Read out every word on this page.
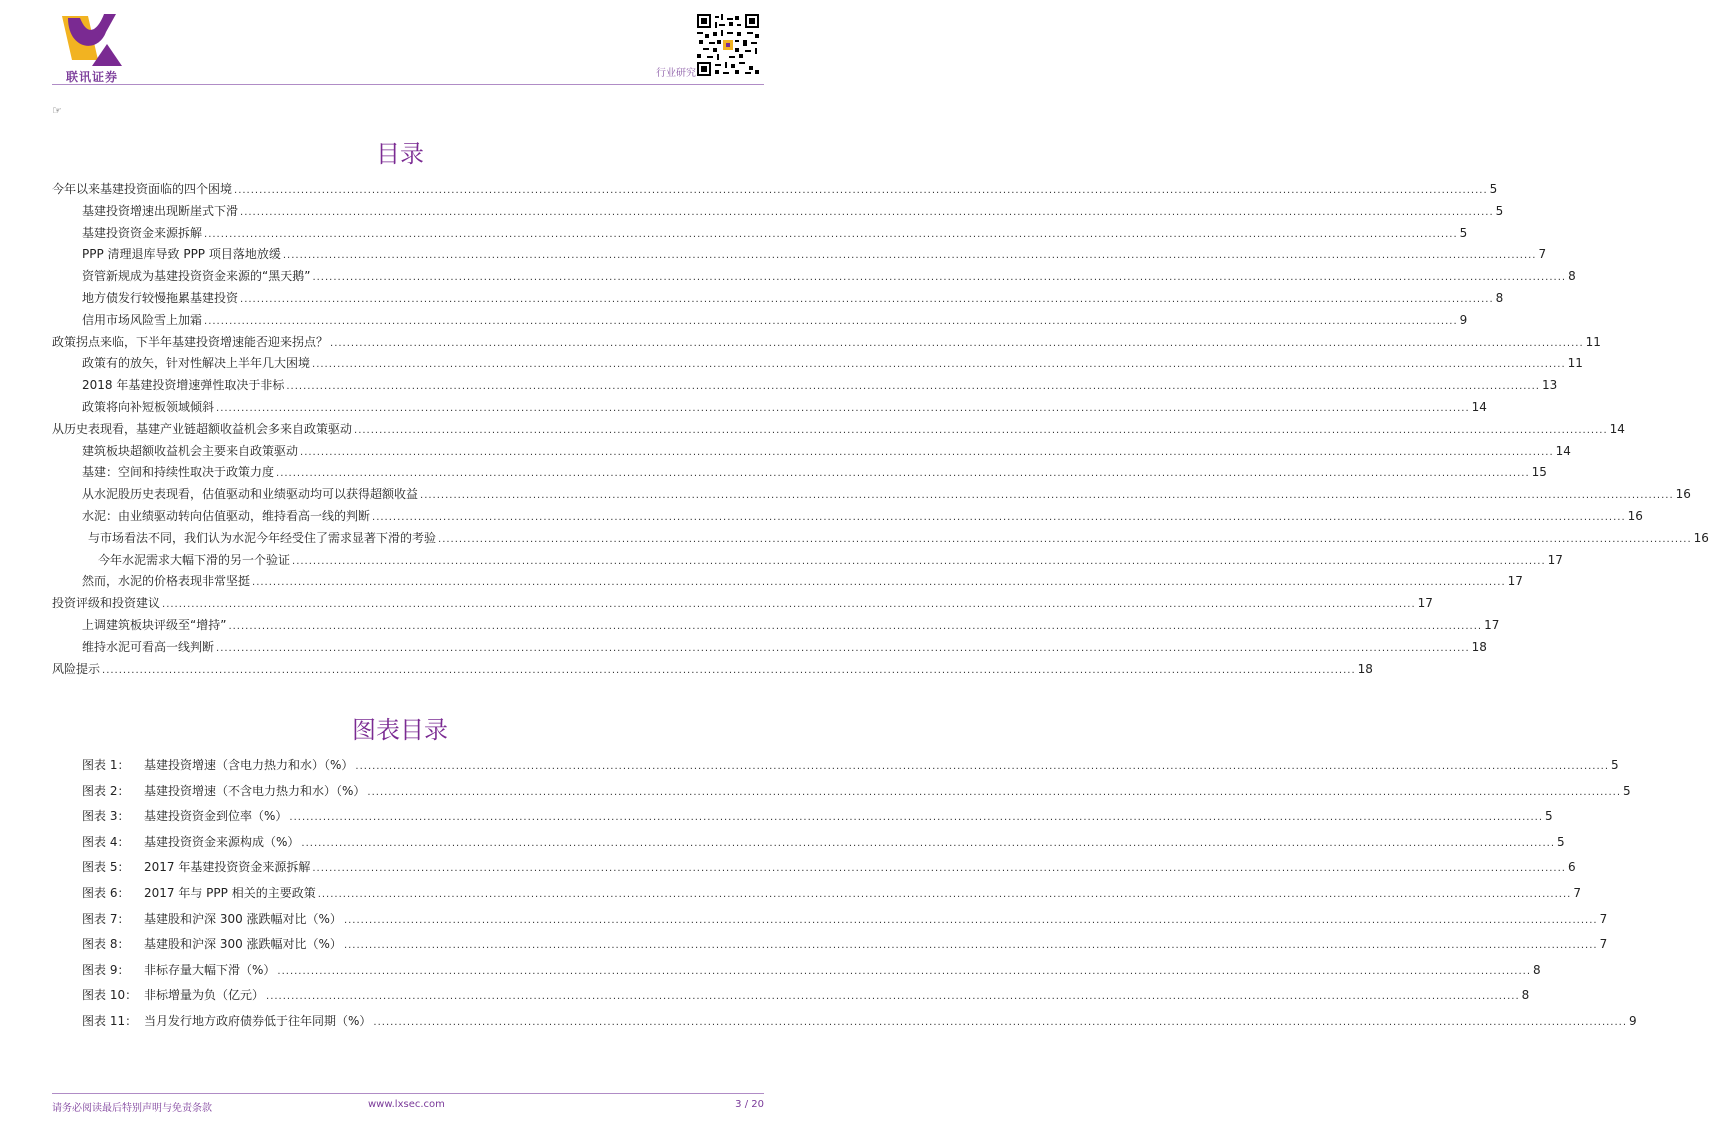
联讯证券	行业研究
☞
目录
今年以来基建投资面临的四个困境 ............................................................................................................................................................................................................................................................................................................ 5
基建投资增速出现断崖式下滑 ............................................................................................................................................................................................................................................................................................................ 5
基建投资资金来源拆解 ............................................................................................................................................................................................................................................................................................................ 5
PPP 清理退库导致 PPP 项目落地放缓 ............................................................................................................................................................................................................................................................................................................ 7
资管新规成为基建投资资金来源的“黑天鹅” ............................................................................................................................................................................................................................................................................................................ 8
地方债发行较慢拖累基建投资 ............................................................................................................................................................................................................................................................................................................ 8
信用市场风险雪上加霜 ............................................................................................................................................................................................................................................................................................................ 9
政策拐点来临，下半年基建投资增速能否迎来拐点？ ............................................................................................................................................................................................................................................................................................................ 11
政策有的放矢，针对性解决上半年几大困境 ............................................................................................................................................................................................................................................................................................................ 11
2018 年基建投资增速弹性取决于非标 ............................................................................................................................................................................................................................................................................................................ 13
政策将向补短板领域倾斜 ............................................................................................................................................................................................................................................................................................................ 14
从历史表现看，基建产业链超额收益机会多来自政策驱动 ............................................................................................................................................................................................................................................................................................................ 14
建筑板块超额收益机会主要来自政策驱动 ............................................................................................................................................................................................................................................................................................................ 14
基建：空间和持续性取决于政策力度 ............................................................................................................................................................................................................................................................................................................ 15
从水泥股历史表现看，估值驱动和业绩驱动均可以获得超额收益 ............................................................................................................................................................................................................................................................................................................ 16
水泥：由业绩驱动转向估值驱动，维持看高一线的判断 ............................................................................................................................................................................................................................................................................................................ 16
与市场看法不同，我们认为水泥今年经受住了需求显著下滑的考验 ............................................................................................................................................................................................................................................................................................................ 16
今年水泥需求大幅下滑的另一个验证 ............................................................................................................................................................................................................................................................................................................ 17
然而，水泥的价格表现非常坚挺 ............................................................................................................................................................................................................................................................................................................ 17
投资评级和投资建议 ............................................................................................................................................................................................................................................................................................................ 17
上调建筑板块评级至“增持” ............................................................................................................................................................................................................................................................................................................ 17
维持水泥可看高一线判断 ............................................................................................................................................................................................................................................................................................................ 18
风险提示 ............................................................................................................................................................................................................................................................................................................ 18
图表目录
图表 1： 基建投资增速（含电力热力和水）（%） ............................................................................................................................................................................................................................................................................................................ 5
图表 2： 基建投资增速（不含电力热力和水）（%） ............................................................................................................................................................................................................................................................................................................ 5
图表 3： 基建投资资金到位率（%） ............................................................................................................................................................................................................................................................................................................ 5
图表 4： 基建投资资金来源构成（%） ............................................................................................................................................................................................................................................................................................................ 5
图表 5： 2017 年基建投资资金来源拆解 ............................................................................................................................................................................................................................................................................................................ 6
图表 6： 2017 年与 PPP 相关的主要政策 ............................................................................................................................................................................................................................................................................................................ 7
图表 7： 基建股和沪深 300 涨跌幅对比（%） ............................................................................................................................................................................................................................................................................................................ 7
图表 8： 基建股和沪深 300 涨跌幅对比（%） ............................................................................................................................................................................................................................................................................................................ 7
图表 9： 非标存量大幅下滑（%） ............................................................................................................................................................................................................................................................................................................ 8
图表 10： 非标增量为负（亿元） ............................................................................................................................................................................................................................................................................................................ 8
图表 11： 当月发行地方政府债券低于往年同期（%） ............................................................................................................................................................................................................................................................................................................ 9
请务必阅读最后特别声明与免责条款	www.lxsec.com	3 / 20
